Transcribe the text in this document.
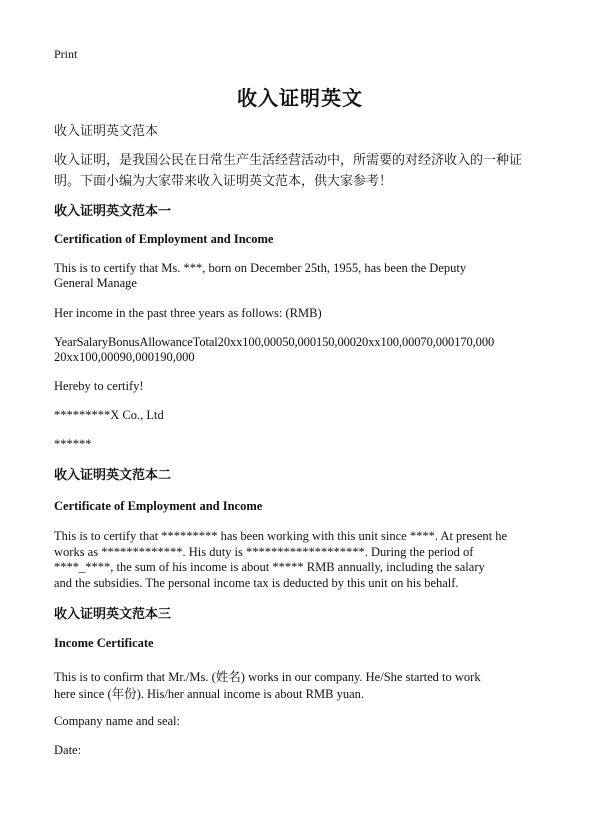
Print
收入证明英文
收入证明英文范本
收入证明，是我国公民在日常生产生活经营活动中，所需要的对经济收入的一种证明。下面小编为大家带来收入证明英文范本，供大家参考！
收入证明英文范本一
Certification of Employment and Income
This is to certify that Ms. ***, born on December 25th, 1955, has been the Deputy
General Manage
Her income in the past three years as follows: (RMB)
YearSalaryBonusAllowanceTotal20xx100,00050,000150,00020xx100,00070,000170,000
20xx100,00090,000190,000
Hereby to certify!
*********X Co., Ltd
******
收入证明英文范本二
Certificate of Employment and Income
This is to certify that ********* has been working with this unit since ****. At present he
works as *************. His duty is *******************. During the period of
****_****, the sum of his income is about ***** RMB annually, including the salary
and the subsidies. The personal income tax is deducted by this unit on his behalf.
收入证明英文范本三
Income Certificate
This is to confirm that Mr./Ms. (姓名) works in our company. He/She started to work
here since (年份). His/her annual income is about RMB yuan.
Company name and seal:
Date:
